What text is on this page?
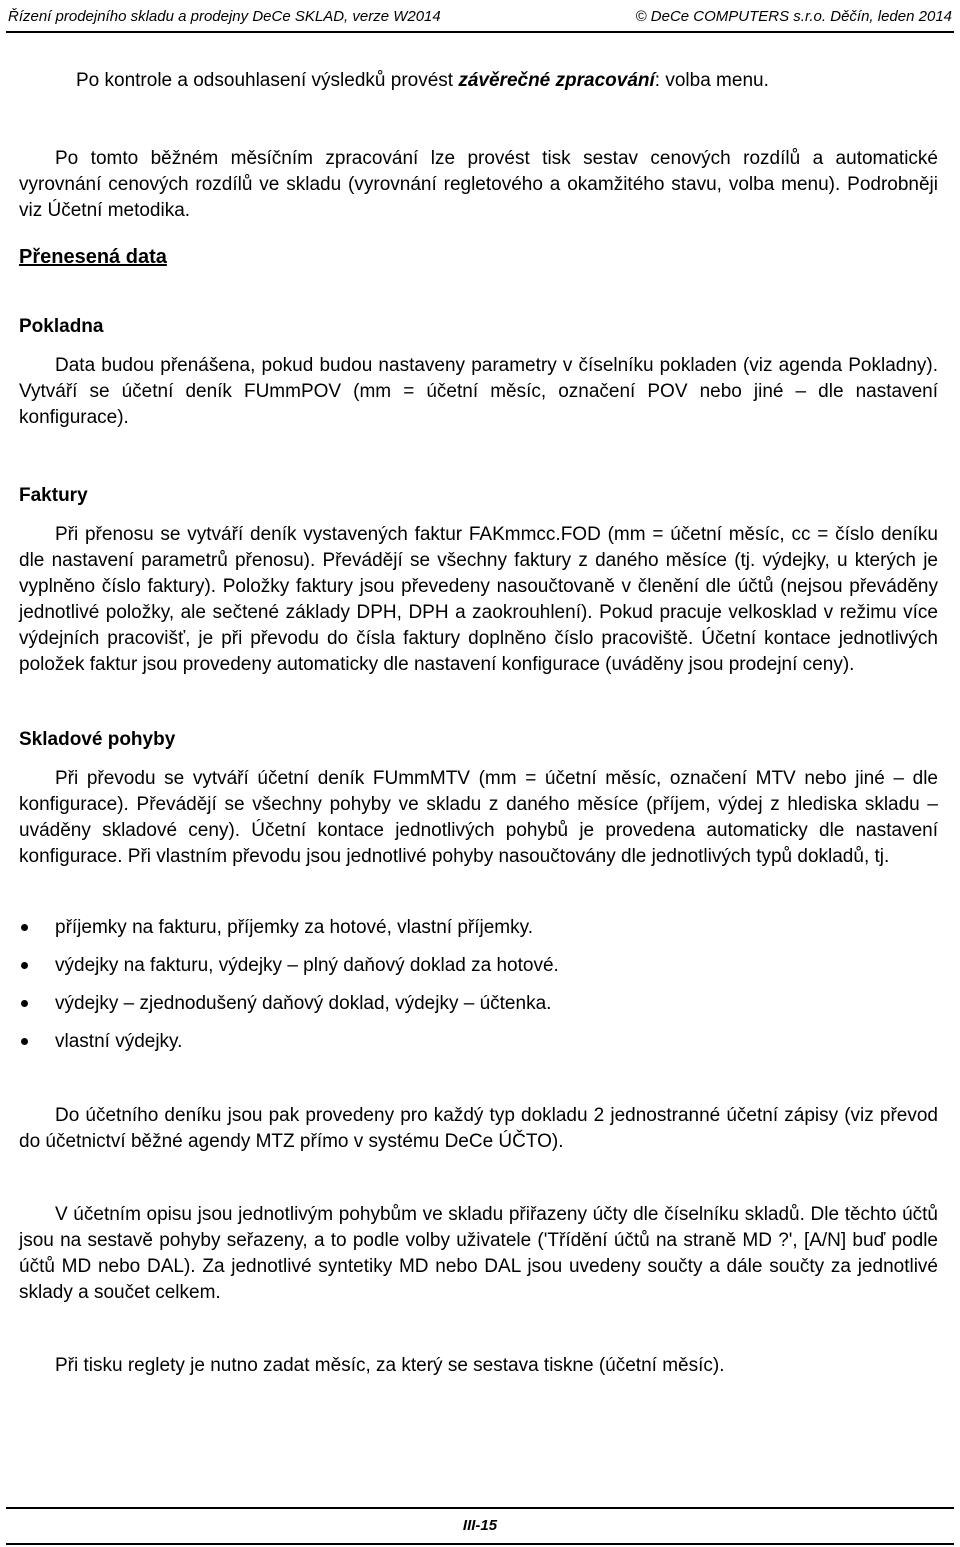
Řízení prodejního skladu a prodejny DeCe SKLAD, verze W2014	© DeCe COMPUTERS s.r.o. Děčín, leden 2014

Po kontrole a odsouhlasení výsledků provést závěrečné zpracování: volba menu.

Po tomto běžném měsíčním zpracování lze provést tisk sestav cenových rozdílů a automatické vyrovnání cenových rozdílů ve skladu (vyrovnání regletového a okamžitého stavu, volba menu). Podrobněji viz Účetní metodika.

Přenesená data

Pokladna

Data budou přenášena, pokud budou nastaveny parametry v číselníku pokladen (viz agenda Pokladny). Vytváří se účetní deník FUmmPOV (mm = účetní měsíc, označení POV nebo jiné – dle nastavení konfigurace).

Faktury

Při přenosu se vytváří deník vystavených faktur FAKmmcc.FOD (mm = účetní měsíc, cc = číslo deníku dle nastavení parametrů přenosu). Převádějí se všechny faktury z daného měsíce (tj. výdejky, u kterých je vyplněno číslo faktury). Položky faktury jsou převedeny nasoučtovaně v členění dle účtů (nejsou převáděny jednotlivé položky, ale sečtené základy DPH, DPH a zaokrouhlení). Pokud pracuje velkosklad v režimu více výdejních pracovišť, je při převodu do čísla faktury doplněno číslo pracoviště. Účetní kontace jednotlivých položek faktur jsou provedeny automaticky dle nastavení konfigurace (uváděny jsou prodejní ceny).

Skladové pohyby

Při převodu se vytváří účetní deník FUmmMTV (mm = účetní měsíc, označení MTV nebo jiné – dle konfigurace). Převádějí se všechny pohyby ve skladu z daného měsíce (příjem, výdej z hlediska skladu – uváděny skladové ceny). Účetní kontace jednotlivých pohybů je provedena automaticky dle nastavení konfigurace. Při vlastním převodu jsou jednotlivé pohyby nasoučtovány dle jednotlivých typů dokladů, tj.

příjemky na fakturu, příjemky za hotové, vlastní příjemky.
výdejky na fakturu, výdejky – plný daňový doklad za hotové.
výdejky – zjednodušený daňový doklad, výdejky – účtenka.
vlastní výdejky.

Do účetního deníku jsou pak provedeny pro každý typ dokladu 2 jednostranné účetní zápisy (viz převod do účetnictví běžné agendy MTZ přímo v systému DeCe ÚČTO).

V účetním opisu jsou jednotlivým pohybům ve skladu přiřazeny účty dle číselníku skladů. Dle těchto účtů jsou na sestavě pohyby seřazeny, a to podle volby uživatele ('Třídění účtů na straně MD ?', [A/N] buď podle účtů MD nebo DAL). Za jednotlivé syntetiky MD nebo DAL jsou uvedeny součty a dále součty za jednotlivé sklady a součet celkem.

Při tisku reglety je nutno zadat měsíc, za který se sestava tiskne (účetní měsíc).

III-15
